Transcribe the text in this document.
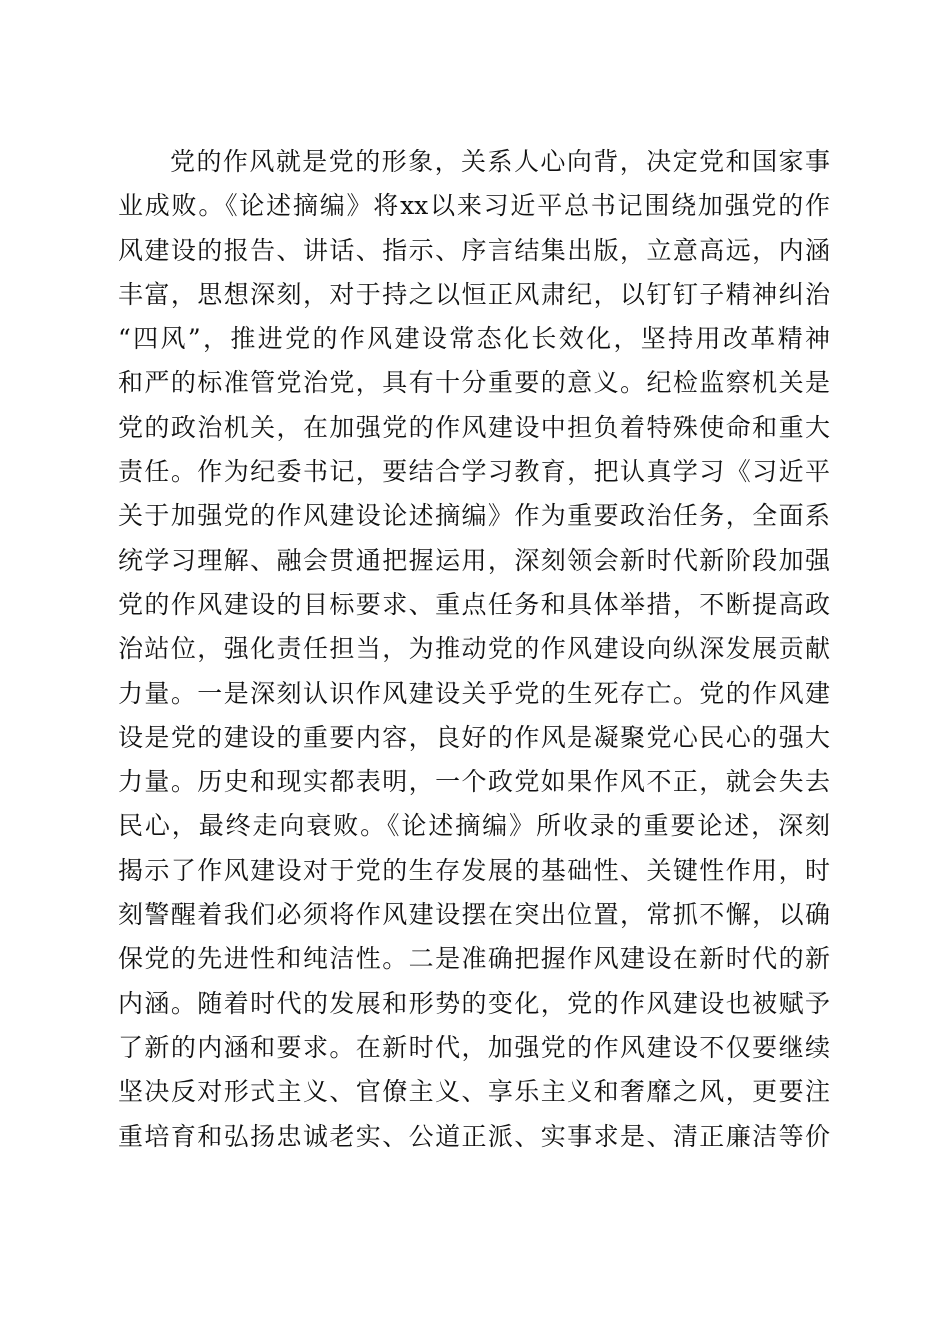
党的作风就是党的形象，关系人心向背，决定党和国家事
业成败。《论述摘编》将xx以来习近平总书记围绕加强党的作
风建设的报告、讲话、指示、序言结集出版，立意高远，内涵
丰富，思想深刻，对于持之以恒正风肃纪，以钉钉子精神纠治
“四风”，推进党的作风建设常态化长效化，坚持用改革精神
和严的标准管党治党，具有十分重要的意义。纪检监察机关是
党的政治机关，在加强党的作风建设中担负着特殊使命和重大
责任。作为纪委书记，要结合学习教育，把认真学习《习近平
关于加强党的作风建设论述摘编》作为重要政治任务，全面系
统学习理解、融会贯通把握运用，深刻领会新时代新阶段加强
党的作风建设的目标要求、重点任务和具体举措，不断提高政
治站位，强化责任担当，为推动党的作风建设向纵深发展贡献
力量。一是深刻认识作风建设关乎党的生死存亡。党的作风建
设是党的建设的重要内容，良好的作风是凝聚党心民心的强大
力量。历史和现实都表明，一个政党如果作风不正，就会失去
民心，最终走向衰败。《论述摘编》所收录的重要论述，深刻
揭示了作风建设对于党的生存发展的基础性、关键性作用，时
刻警醒着我们必须将作风建设摆在突出位置，常抓不懈，以确
保党的先进性和纯洁性。二是准确把握作风建设在新时代的新
内涵。随着时代的发展和形势的变化，党的作风建设也被赋予
了新的内涵和要求。在新时代，加强党的作风建设不仅要继续
坚决反对形式主义、官僚主义、享乐主义和奢靡之风，更要注
重培育和弘扬忠诚老实、公道正派、实事求是、清正廉洁等价
